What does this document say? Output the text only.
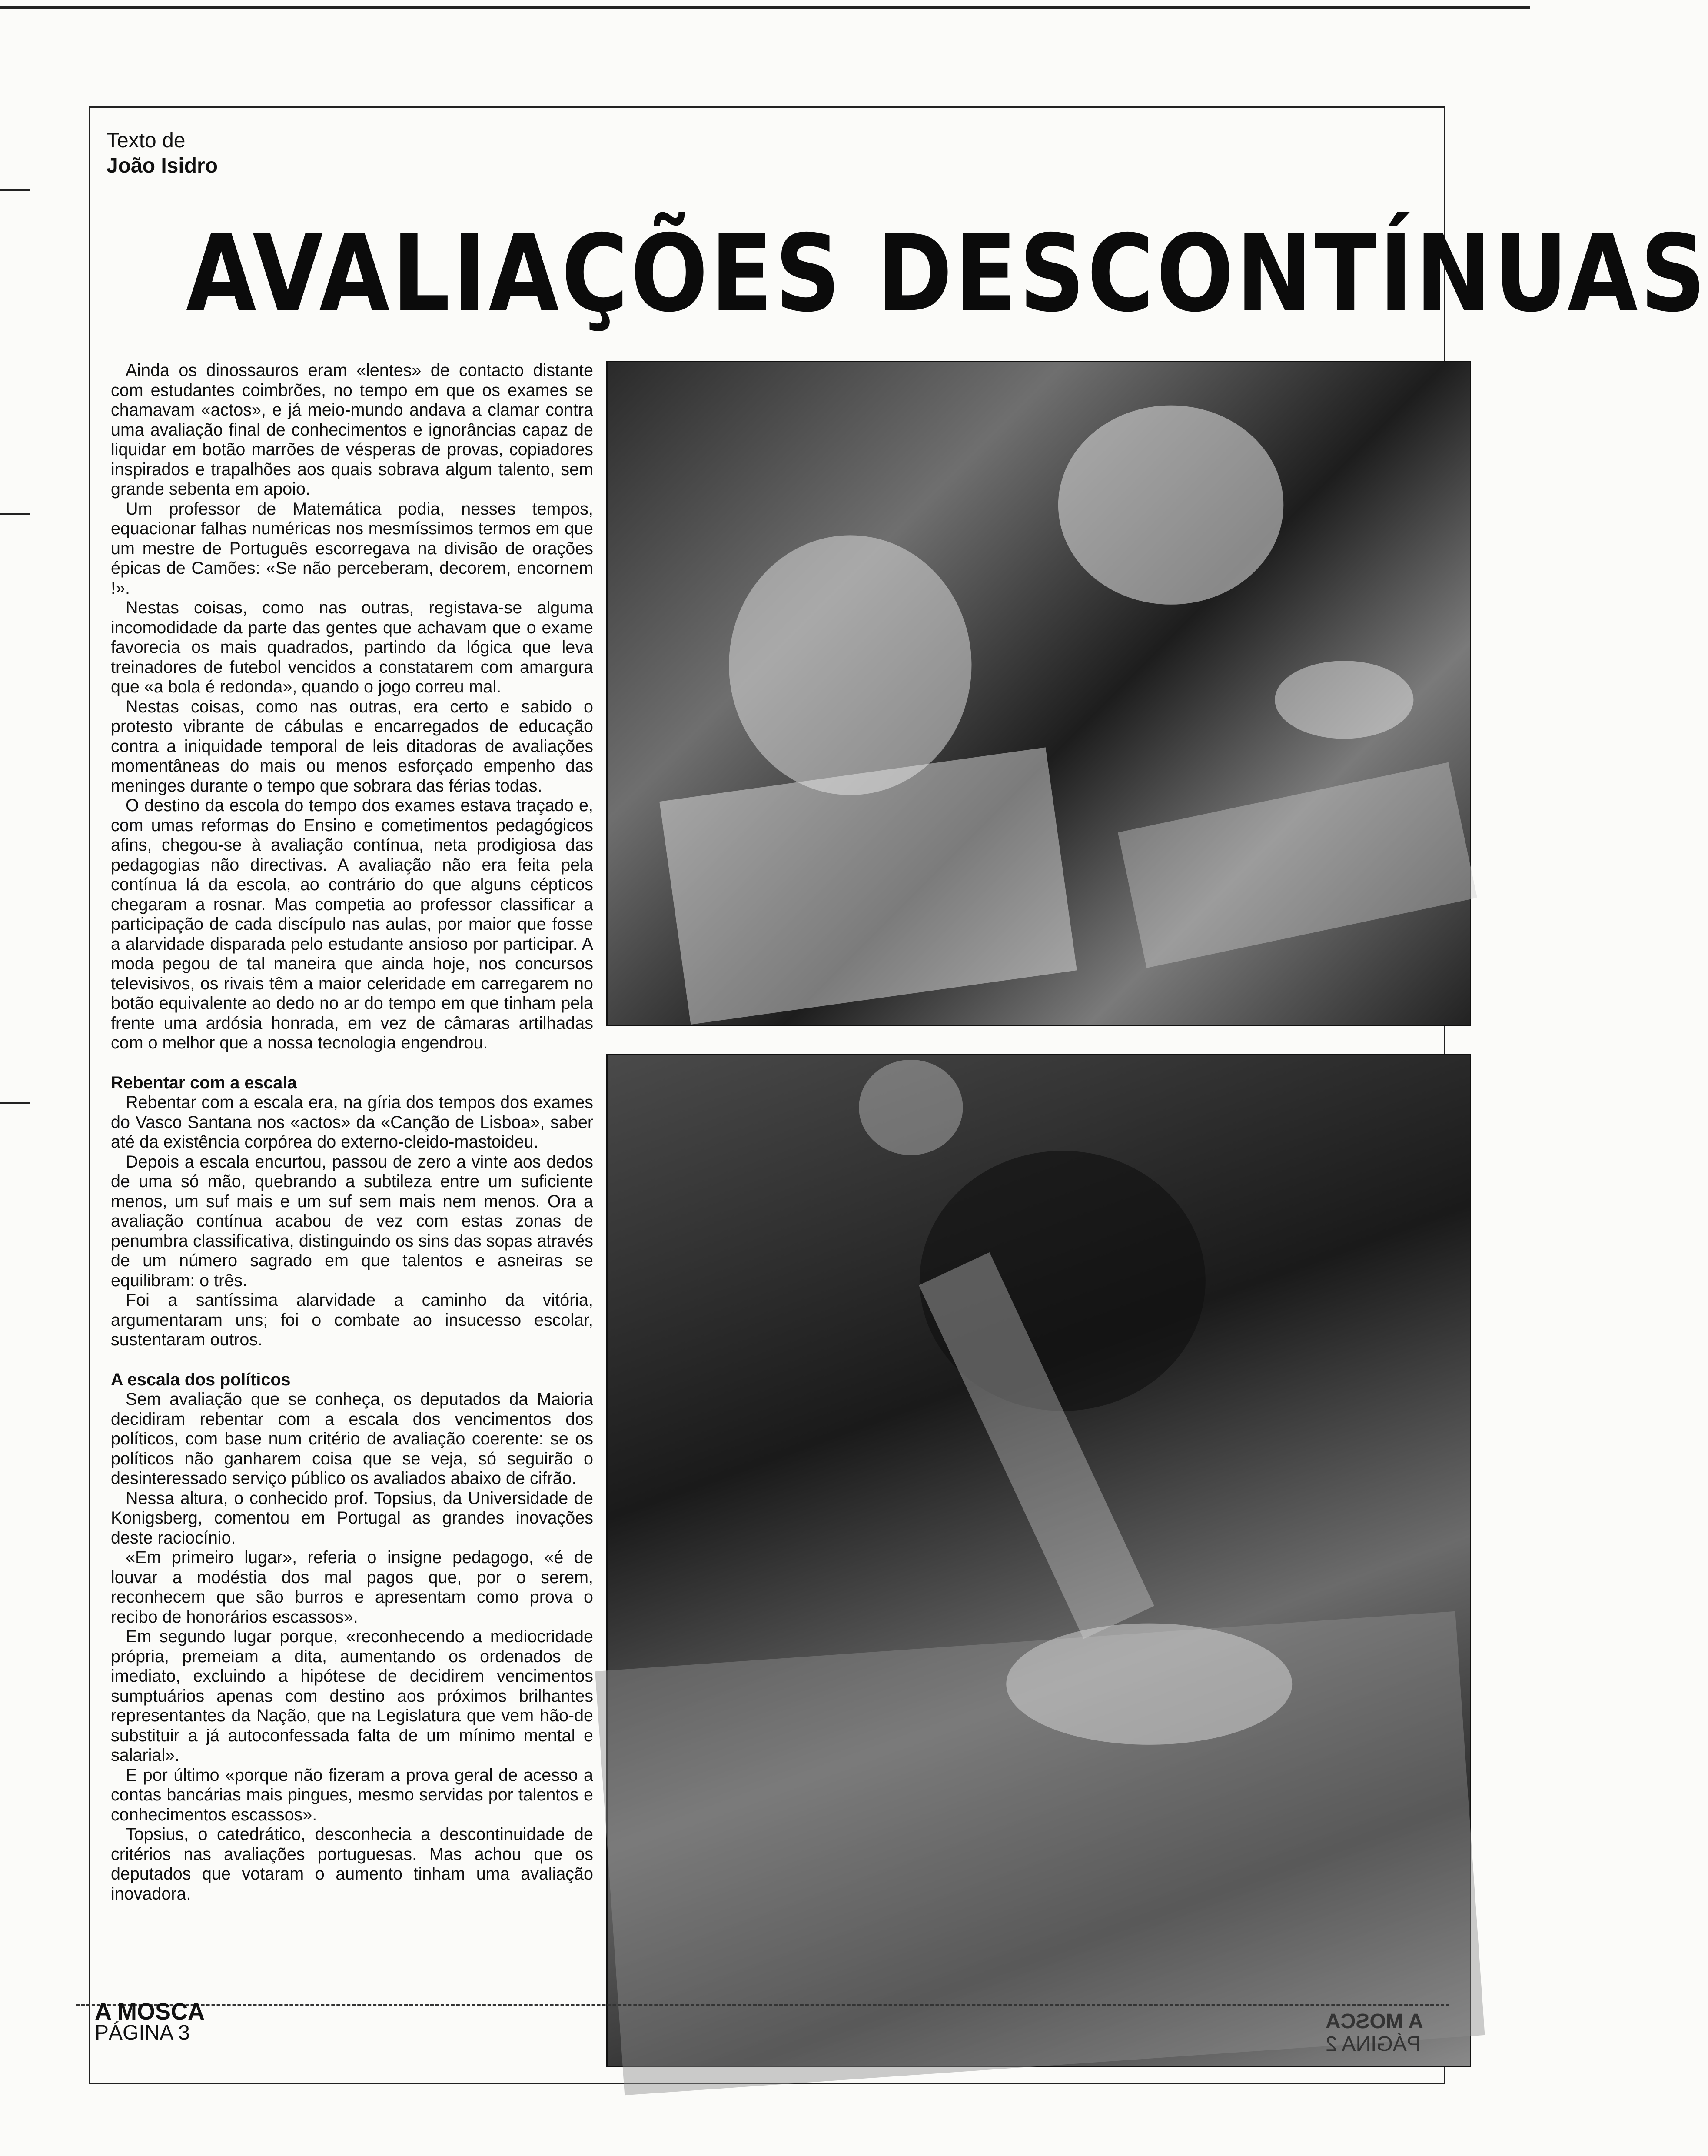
Texto de
João Isidro
AVALIAÇÕES DESCONTÍNUAS

Ainda os dinossauros eram «lentes» de contacto distante com estudantes coimbrões, no tempo em que os exames se chamavam «actos», e já meio-mundo andava a clamar contra uma avaliação final de conhecimentos e ignorâncias capaz de liquidar em botão marrões de vésperas de provas, copiadores inspirados e trapalhões aos quais sobrava algum talento, sem grande sebenta em apoio.

Um professor de Matemática podia, nesses tempos, equacionar falhas numéricas nos mesmíssimos termos em que um mestre de Português escorregava na divisão de orações épicas de Camões: «Se não perceberam, decorem, encornem !».

Nestas coisas, como nas outras, registava-se alguma incomodidade da parte das gentes que achavam que o exame favorecia os mais quadrados, partindo da lógica que leva treinadores de futebol vencidos a constatarem com amargura que «a bola é redonda», quando o jogo correu mal.

Nestas coisas, como nas outras, era certo e sabido o protesto vibrante de cábulas e encarregados de educação contra a iniquidade temporal de leis ditadoras de avaliações momentâneas do mais ou menos esforçado empenho das meninges durante o tempo que sobrara das férias todas.

O destino da escola do tempo dos exames estava traçado e, com umas reformas do Ensino e cometimentos pedagógicos afins, chegou-se à avaliação contínua, neta prodigiosa das pedagogias não directivas. A avaliação não era feita pela contínua lá da escola, ao contrário do que alguns cépticos chegaram a rosnar. Mas competia ao professor classificar a participação de cada discípulo nas aulas, por maior que fosse a alarvidade disparada pelo estudante ansioso por participar. A moda pegou de tal maneira que ainda hoje, nos concursos televisivos, os rivais têm a maior celeridade em carregarem no botão equivalente ao dedo no ar do tempo em que tinham pela frente uma ardósia honrada, em vez de câmaras artilhadas com o melhor que a nossa tecnologia engendrou.

Rebentar com a escala

Rebentar com a escala era, na gíria dos tempos dos exames do Vasco Santana nos «actos» da «Canção de Lisboa», saber até da existência corpórea do externo-cleido-mastoideu.

Depois a escala encurtou, passou de zero a vinte aos dedos de uma só mão, quebrando a subtileza entre um suficiente menos, um suf mais e um suf sem mais nem menos. Ora a avaliação contínua acabou de vez com estas zonas de penumbra classificativa, distinguindo os sins das sopas através de um número sagrado em que talentos e asneiras se equilibram: o três.

Foi a santíssima alarvidade a caminho da vitória, argumentaram uns; foi o combate ao insucesso escolar, sustentaram outros.

A escala dos políticos

Sem avaliação que se conheça, os deputados da Maioria decidiram rebentar com a escala dos vencimentos dos políticos, com base num critério de avaliação coerente: se os políticos não ganharem coisa que se veja, só seguirão o desinteressado serviço público os avaliados abaixo de cifrão.

Nessa altura, o conhecido prof. Topsius, da Universidade de Konigsberg, comentou em Portugal as grandes inovações deste raciocínio.

«Em primeiro lugar», referia o insigne pedagogo, «é de louvar a modéstia dos mal pagos que, por o serem, reconhecem que são burros e apresentam como prova o recibo de honorários escassos».

Em segundo lugar porque, «reconhecendo a mediocridade própria, premeiam a dita, aumentando os ordenados de imediato, excluindo a hipótese de decidirem vencimentos sumptuários apenas com destino aos próximos brilhantes representantes da Nação, que na Legislatura que vem hão-de substituir a já autoconfessada falta de um mínimo mental e salarial».

E por último «porque não fizeram a prova geral de acesso a contas bancárias mais pingues, mesmo servidas por talentos e conhecimentos escassos».

Topsius, o catedrático, desconhecia a descontinuidade de critérios nas avaliações portuguesas. Mas achou que os deputados que votaram o aumento tinham uma avaliação inovadora.

A MOSCA
PÁGINA 3	A MOSCA
PÁGINA 2
